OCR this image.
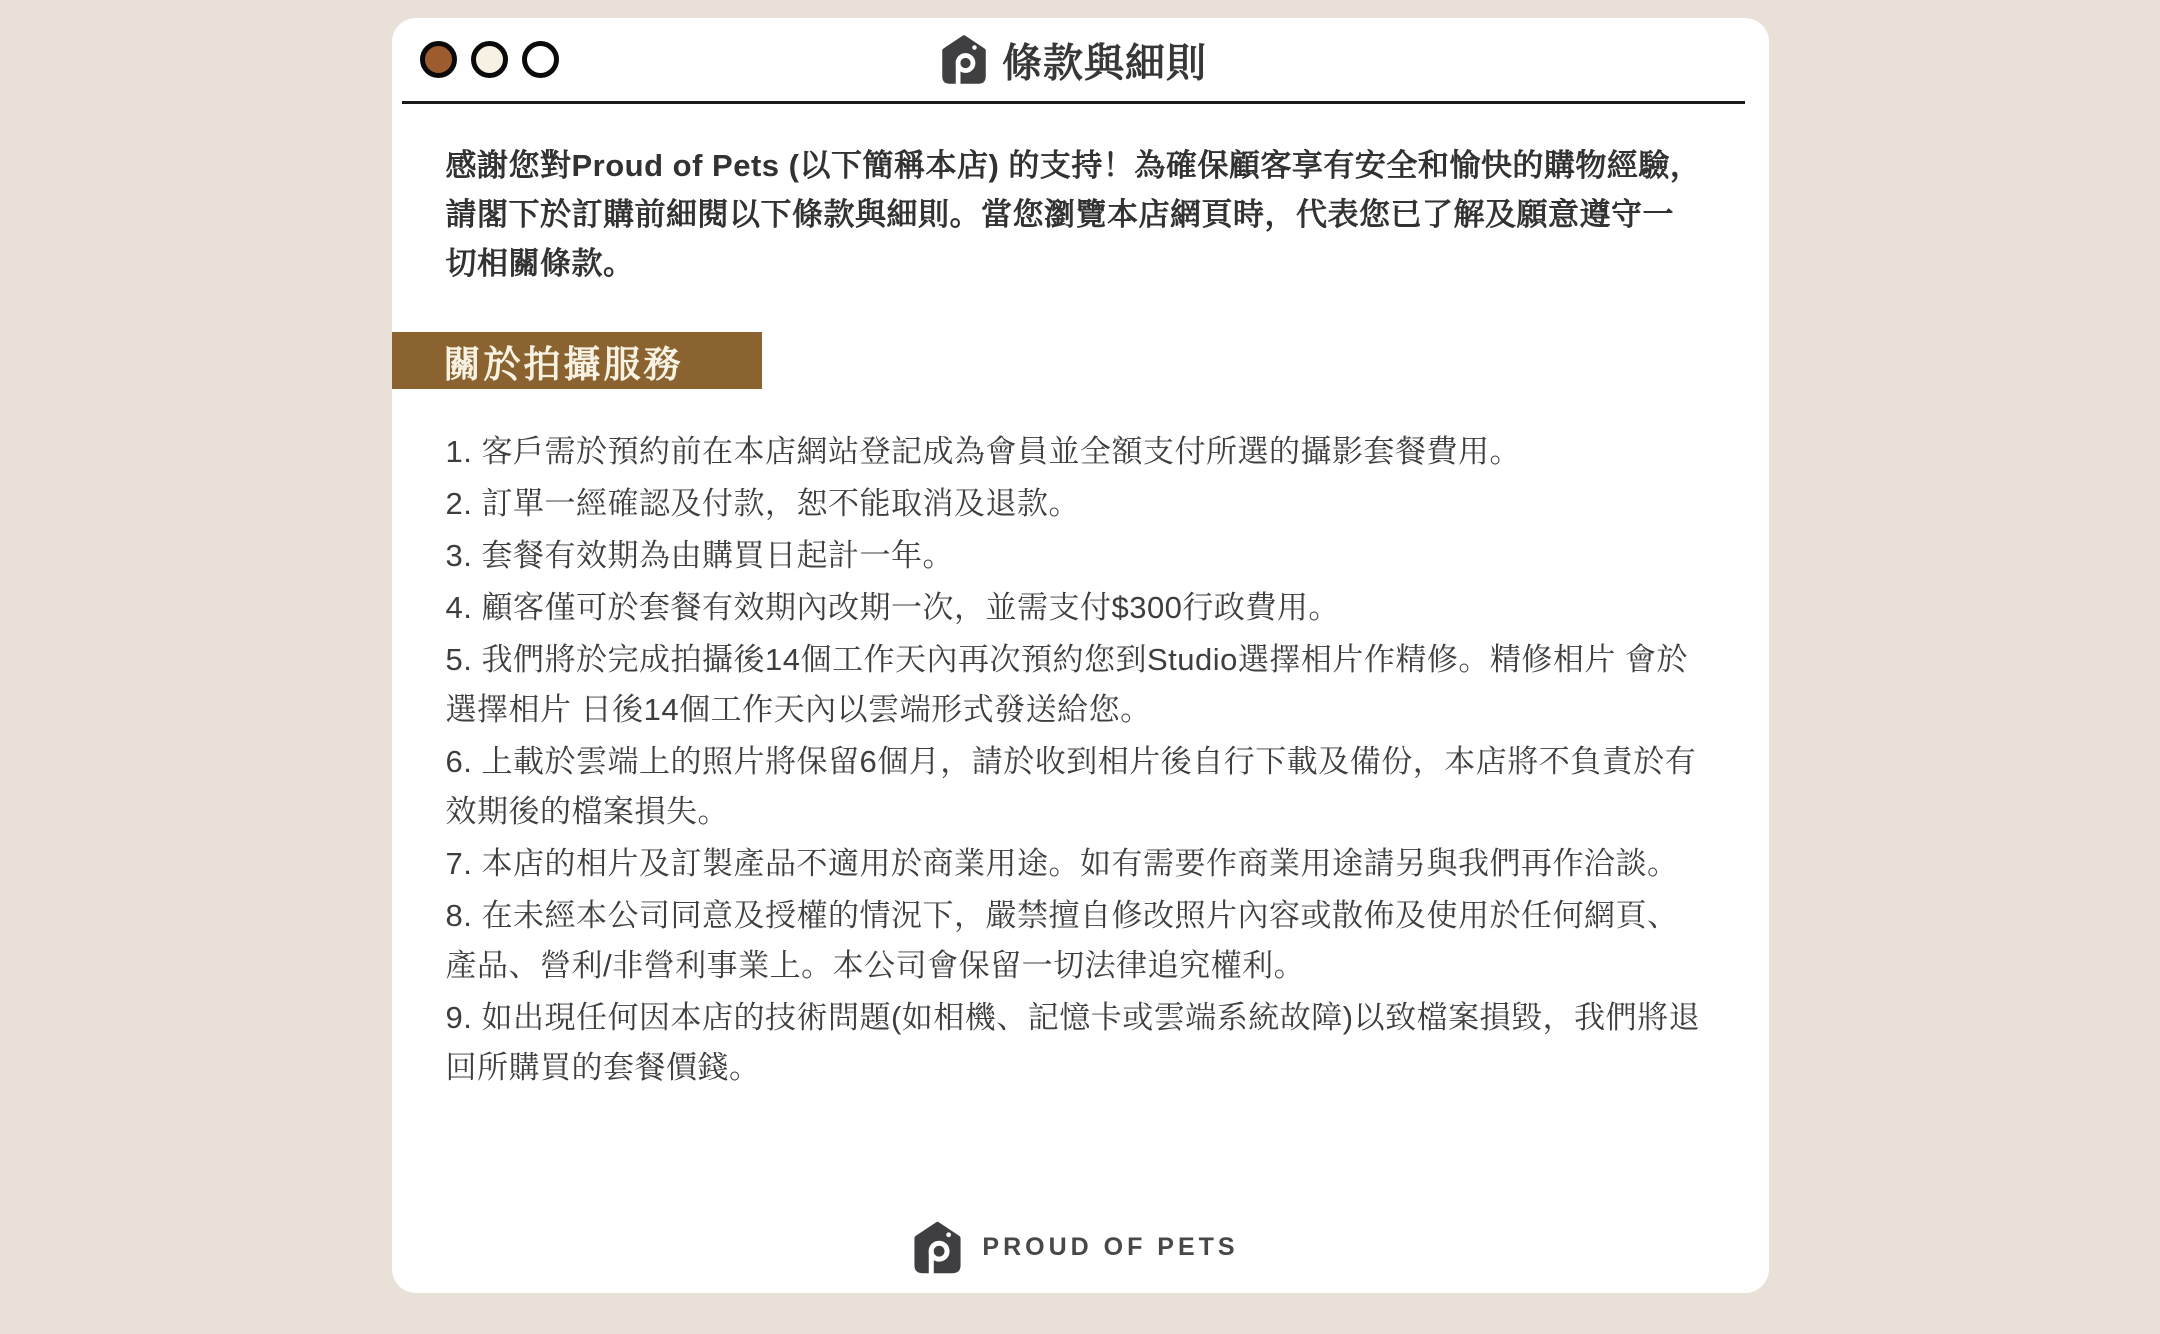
條款與細則

感謝您對Proud of Pets (以下簡稱本店) 的支持！為確保顧客享有安全和愉快的購物經驗，請閣下於訂購前細閱以下條款與細則。當您瀏覽本店網頁時，代表您已了解及願意遵守一切相關條款。

關於拍攝服務

1. 客戶需於預約前在本店網站登記成為會員並全額支付所選的攝影套餐費用。

2. 訂單一經確認及付款，恕不能取消及退款。

3. 套餐有效期為由購買日起計一年。

4. 顧客僅可於套餐有效期內改期一次，並需支付$300行政費用。

5. 我們將於完成拍攝後14個工作天內再次預約您到Studio選擇相片作精修。精修相片 會於 選擇相片 日後14個工作天內以雲端形式發送給您。

6. 上載於雲端上的照片將保留6個月，請於收到相片後自行下載及備份，本店將不負責於有效期後的檔案損失。

7. 本店的相片及訂製產品不適用於商業用途。如有需要作商業用途請另與我們再作洽談。

8. 在未經本公司同意及授權的情況下，嚴禁擅自修改照片內容或散佈及使用於任何網頁、產品、營利/非營利事業上。本公司會保留一切法律追究權利。

9. 如出現任何因本店的技術問題(如相機、記憶卡或雲端系統故障)以致檔案損毀，我們將退回所購買的套餐價錢。

PROUD OF PETS
